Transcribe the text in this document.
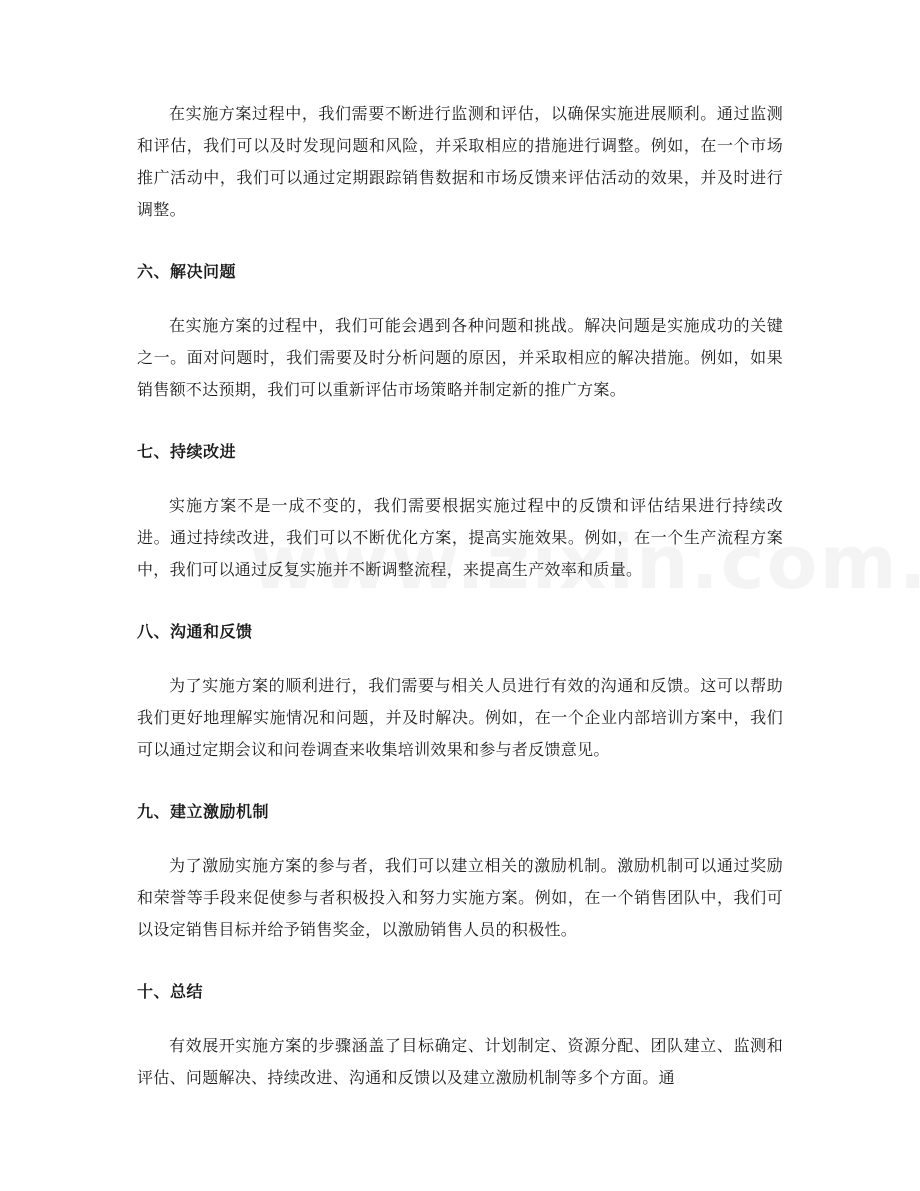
在实施方案过程中，我们需要不断进行监测和评估，以确保实施进展顺利。通过监测和评估，我们可以及时发现问题和风险，并采取相应的措施进行调整。例如，在一个市场推广活动中，我们可以通过定期跟踪销售数据和市场反馈来评估活动的效果，并及时进行调整。

六、解决问题

在实施方案的过程中，我们可能会遇到各种问题和挑战。解决问题是实施成功的关键之一。面对问题时，我们需要及时分析问题的原因，并采取相应的解决措施。例如，如果销售额不达预期，我们可以重新评估市场策略并制定新的推广方案。

七、持续改进

实施方案不是一成不变的，我们需要根据实施过程中的反馈和评估结果进行持续改进。通过持续改进，我们可以不断优化方案，提高实施效果。例如，在一个生产流程方案中，我们可以通过反复实施并不断调整流程，来提高生产效率和质量。

八、沟通和反馈

为了实施方案的顺利进行，我们需要与相关人员进行有效的沟通和反馈。这可以帮助我们更好地理解实施情况和问题，并及时解决。例如，在一个企业内部培训方案中，我们可以通过定期会议和问卷调查来收集培训效果和参与者反馈意见。

九、建立激励机制

为了激励实施方案的参与者，我们可以建立相关的激励机制。激励机制可以通过奖励和荣誉等手段来促使参与者积极投入和努力实施方案。例如，在一个销售团队中，我们可以设定销售目标并给予销售奖金，以激励销售人员的积极性。

十、总结

有效展开实施方案的步骤涵盖了目标确定、计划制定、资源分配、团队建立、监测和评估、问题解决、持续改进、沟通和反馈以及建立激励机制等多个方面。通
